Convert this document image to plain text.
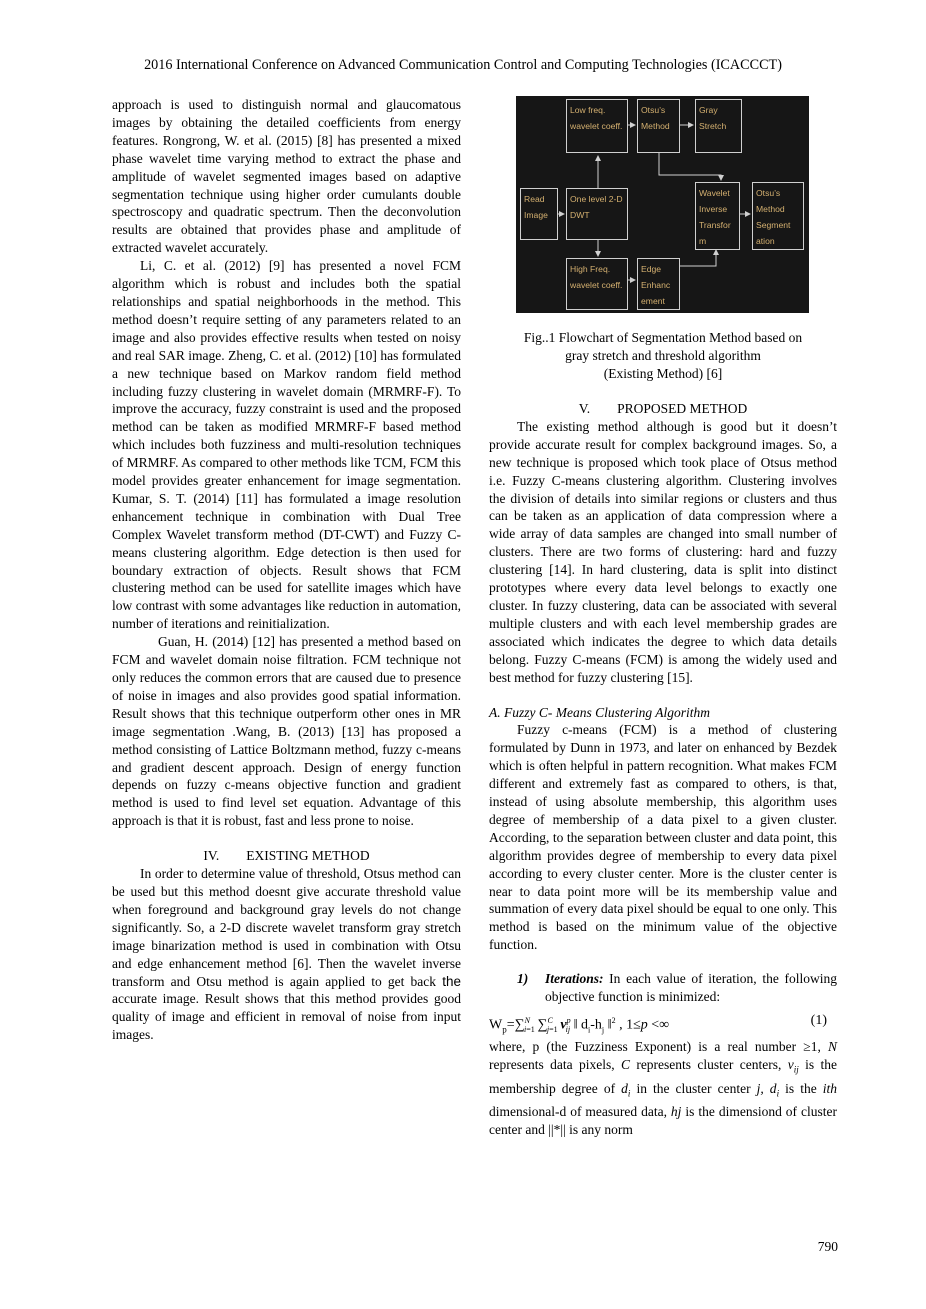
2016 International Conference on Advanced Communication Control and Computing Technologies (ICACCCT)

approach is used to distinguish normal and glaucomatous images by obtaining the detailed coefficients from energy features. Rongrong, W. et al. (2015) [8] has presented a mixed phase wavelet time varying method to extract the phase and amplitude of wavelet segmented images based on adaptive segmentation technique using higher order cumulants double spectroscopy and quadratic spectrum. Then the deconvolution results are obtained that provides phase and amplitude of extracted wavelet accurately.

Li, C. et al. (2012) [9] has presented a novel FCM algorithm which is robust and includes both the spatial relationships and spatial neighborhoods in the method. This method doesn’t require setting of any parameters related to an image and also provides effective results when tested on noisy and real SAR image. Zheng, C. et al. (2012) [10] has formulated a new technique based on Markov random field method including fuzzy clustering in wavelet domain (MRMRF-F). To improve the accuracy, fuzzy constraint is used and the proposed method can be taken as modified MRMRF-F based method which includes both fuzziness and multi-resolution techniques of MRMRF. As compared to other methods like TCM, FCM this model provides greater enhancement for image segmentation. Kumar, S. T. (2014) [11] has formulated a image resolution enhancement technique in combination with Dual Tree Complex Wavelet transform method (DT-CWT) and Fuzzy C-means clustering algorithm. Edge detection is then used for boundary extraction of objects. Result shows that FCM clustering method can be used for satellite images which have low contrast with some advantages like reduction in automation, number of iterations and reinitialization.

Guan, H. (2014) [12] has presented a method based on FCM and wavelet domain noise filtration. FCM technique not only reduces the common errors that are caused due to presence of noise in images and also provides good spatial information. Result shows that this technique outperform other ones in MR image segmentation .Wang, B. (2013) [13] has proposed a method consisting of Lattice Boltzmann method, fuzzy c-means and gradient descent approach. Design of energy function depends on fuzzy c-means objective function and gradient method is used to find level set equation. Advantage of this approach is that it is robust, fast and less prone to noise.

IV.        EXISTING METHOD

In order to determine value of threshold, Otsus method can be used but this method doesnt give accurate threshold value when foreground and background gray levels do not change significantly. So, a 2-D discrete wavelet transform gray stretch image binarization method is used in combination with Otsu and edge enhancement method [6]. Then the wavelet inverse transform and Otsu method is again applied to get back the accurate image. Result shows that this method provides good quality of image and efficient in removal of noise from input images.

Read Image
Low freq. wavelet coeff.
Otsu’s Method
Gray Stretch
One level 2-D DWT
Wavelet Inverse Transfor m
Otsu’s Method Segment ation
High Freq. wavelet coeff.
Edge Enhanc ement
Fig..1 Flowchart of Segmentation Method based on
gray stretch and threshold algorithm
(Existing Method) [6]

V.        PROPOSED METHOD

The existing method although is good but it doesn’t provide accurate result for complex background images. So, a new technique is proposed which took place of Otsus method i.e. Fuzzy C-means clustering algorithm. Clustering involves the division of details into similar regions or clusters and thus can be taken as an application of data compression where a wide array of data samples are changed into small number of clusters. There are two forms of clustering: hard and fuzzy clustering [14]. In hard clustering, data is split into distinct prototypes where every data level belongs to exactly one cluster. In fuzzy clustering, data can be associated with several multiple clusters and with each level membership grades are associated which indicates the degree to which data details belong. Fuzzy C-means (FCM) is among the widely used and best method for fuzzy clustering [15].

A. Fuzzy C- Means Clustering Algorithm

Fuzzy c-means (FCM) is a method of clustering formulated by Dunn in 1973, and later on enhanced by Bezdek which is often helpful in pattern recognition. What makes FCM different and extremely fast as compared to others, is that, instead of using absolute membership, this algorithm uses degree of membership of a data pixel to a given cluster. According, to the separation between cluster and data point, this algorithm provides degree of membership to every data pixel according to every cluster center. More is the cluster center is near to data point more will be its membership value and summation of every data pixel should be equal to one only. This method is based on the minimum value of the objective function.

1) Iterations: In each value of iteration, the following objective function is minimized:

$W_p=\sum^N_{i=1}$ ∑$^C_{j=1}$  $v^p_{ij}$ ‖ $d_i-h_j$ ‖$^2$ , 1≤p <∞	(1)

where, p (the Fuzziness Exponent) is a real number ≥1, N represents data pixels, C represents cluster centers, $v_{ij}$ is the membership degree of $d_i$ in the cluster center j, $d_i$ is the ith dimensional-d of measured data, hj is the dimensiond of cluster center and ||*|| is any norm

790
